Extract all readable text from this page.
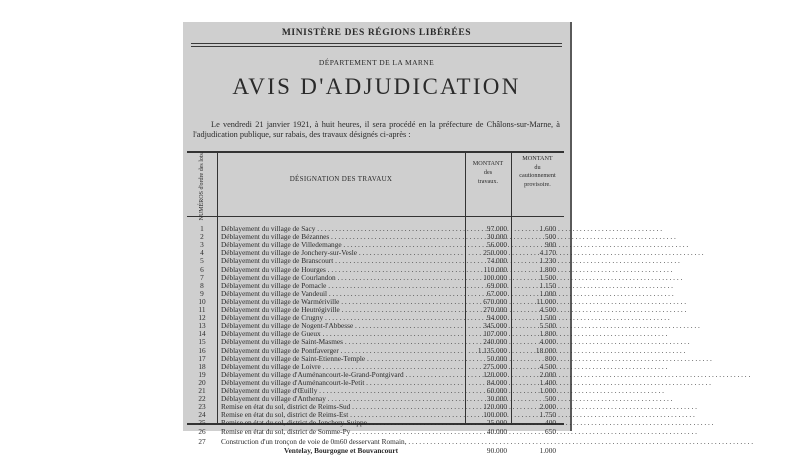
MINISTÈRE DES RÉGIONS LIBÉRÉES
DÉPARTEMENT DE LA MARNE
AVIS D'ADJUDICATION
Le vendredi 21 janvier 1921, à huit heures, il sera procédé en la préfecture de Châlons-sur-Marne, à l'adjudication publique, sur rabais, des travaux désignés ci-après :
NUMÉROS d'ordre des lots.	DÉSIGNATION DES TRAVAUX
MONTANT
des
travaux.
MONTANT
du
cautionnement
provisoire.
1	Déblayement du village de Sacy . . .	97.000	1.600
2	Déblayement du village de Bézannes . . .	30.000	500
3	Déblayement du village de Villedemange . . .	56.000	900
4	Déblayement du village de Jonchery-sur-Vesle . . .	250.000	4.170
5	Déblayement du village de Branscourt . . .	74.000	1.230
6	Déblayement du village de Hourges . . .	110.000	1.800
7	Déblayement du village de Courlandon . . .	100.000	1.500
8	Déblayement du village de Pomacle . . .	69.000	1.150
9	Déblayement du village de Vandeuil . . .	67.000	1.000
10	Déblayement du village de Warmériville . . .	670.000	11.000
11	Déblayement du village de Heutrégiville . . .	270.000	4.500
12	Déblayement du village de Crugny . . .	94.000	1.500
13	Déblayement du village de Nogent-l'Abbesse . . .	345.000	5.500
14	Déblayement du village de Gueux . . .	107.000	1.800
15	Déblayement du village de Saint-Masmes . . .	240.000	4.000
16	Déblayement du village de Pontfaverger . . .	1.135.000	18.000
17	Déblayement du village de Saint-Etienne-Temple . . .	50.000	800
18	Déblayement du village de Loivre . . .	275.000	4.500
19	Déblayement du village d'Auménancourt-le-Grand-Pontgivard . . .	120.000	2.000
20	Déblayement du village d'Auménancourt-le-Petit . . .	84.000	1.400
21	Déblayement du village d'Œuilly . . .	60.000	1.000
22	Déblayement du village d'Anthenay . . .	30.000	500
23	Remise en état du sol, district de Reims-Sud . . .	120.000	2.000
24	Remise en état du sol, district de Reims-Est . . .	100.000	1.750
25	Remise en état du sol, district de Jonchery-Suippe . . .	25.000	400
26	Remise en état du sol, district de Somme-Py . . .	40.000	650
27	Construction d'un tronçon de voie de 0m60 desservant Romain, . . .
Ventelay, Bourgogne et Bouvancourt	90.000	1.000
